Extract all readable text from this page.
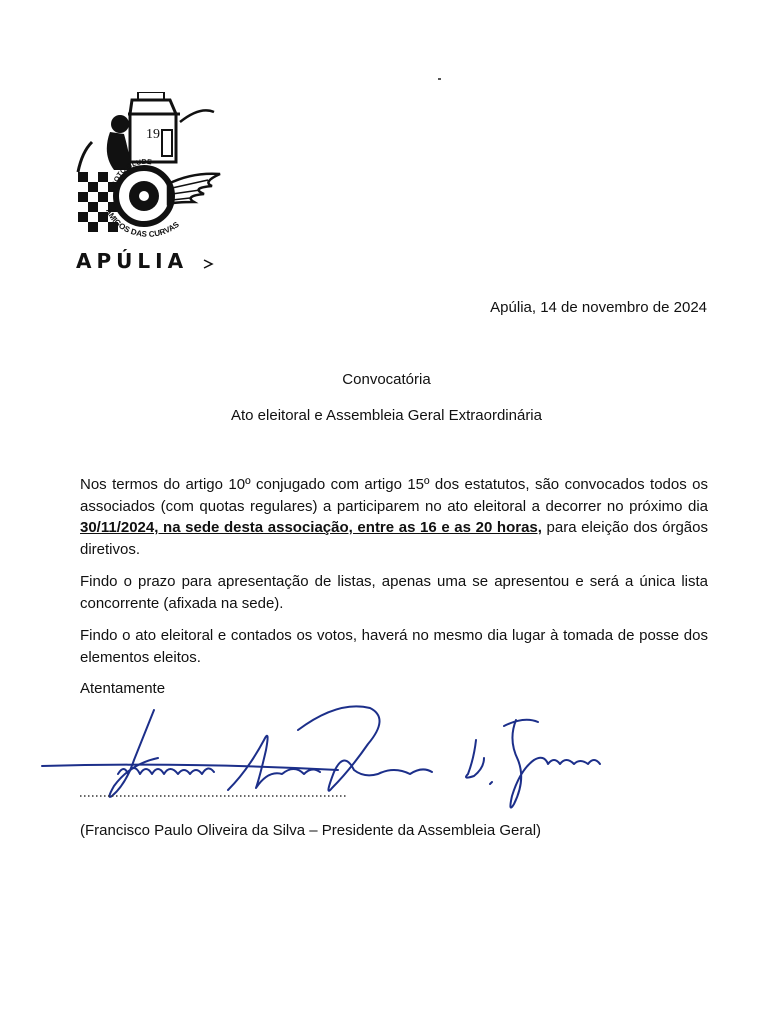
19
MOTO CLUBE
AMIGOS DAS CURVAS
APÚLIA
Apúlia, 14 de novembro de 2024
Convocatória
Ato eleitoral e Assembleia Geral Extraordinária
Nos termos do artigo 10º conjugado com artigo 15º dos estatutos, são convocados todos os associados (com quotas regulares) a participarem no ato eleitoral a decorrer no próximo dia 30/11/2024, na sede desta associação, entre as 16 e as 20 horas, para eleição dos órgãos diretivos.
Findo o prazo para apresentação de listas, apenas uma se apresentou e será a única lista concorrente (afixada na sede).
Findo o ato eleitoral e contados os votos, haverá no mesmo dia lugar à tomada de posse dos elementos eleitos.
Atentamente
(Francisco Paulo Oliveira da Silva – Presidente da Assembleia Geral)
